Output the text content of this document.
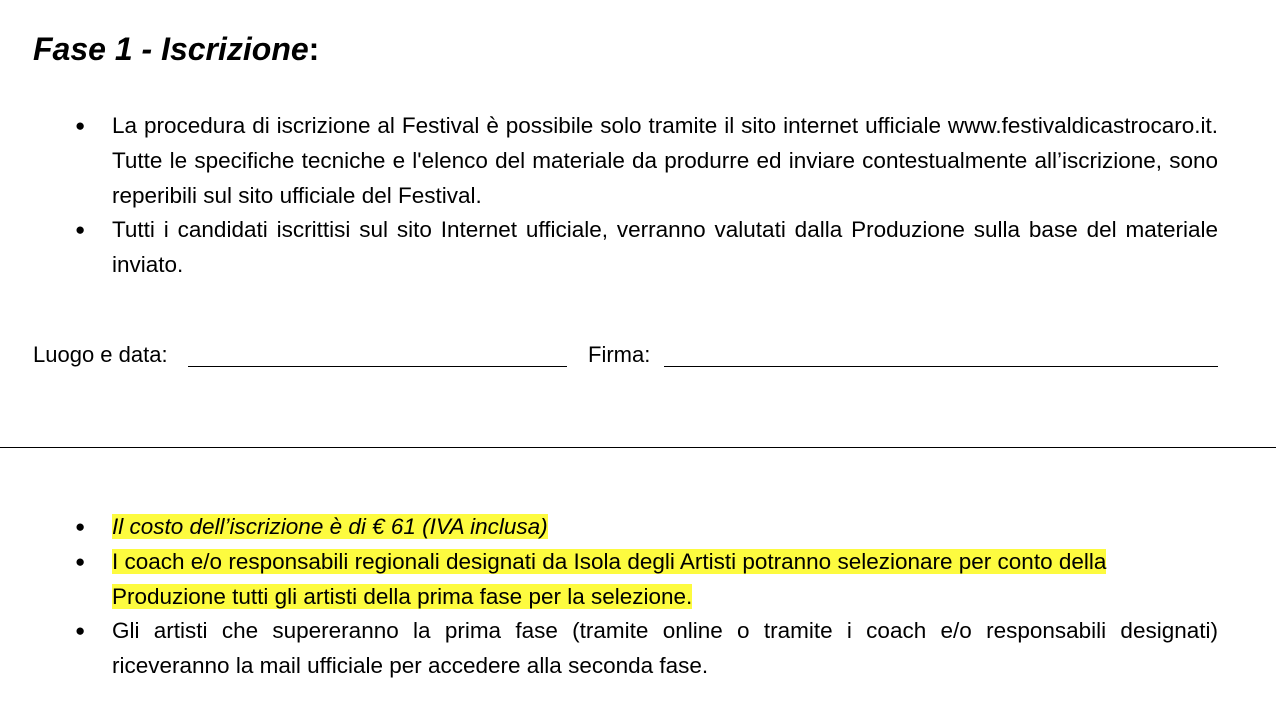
Fase 1 - Iscrizione:
● La procedura di iscrizione al Festival è possibile solo tramite il sito internet ufficiale www.festivaldicastrocaro.it. Tutte le specifiche tecniche e l'elenco del materiale da produrre ed inviare contestualmente all’iscrizione, sono reperibili sul sito ufficiale del Festival.
● Tutti i candidati iscrittisi sul sito Internet ufficiale, verranno valutati dalla Produzione sulla base del materiale inviato.
Luogo e data:	Firma:
● Il costo dell’iscrizione è di € 61 (IVA inclusa)
● I coach e/o responsabili regionali designati da Isola degli Artisti potranno selezionare per conto della Produzione tutti gli artisti della prima fase per la selezione.
● Gli artisti che supereranno la prima fase (tramite online o tramite i coach e/o responsabili designati) riceveranno la mail ufficiale per accedere alla seconda fase.
